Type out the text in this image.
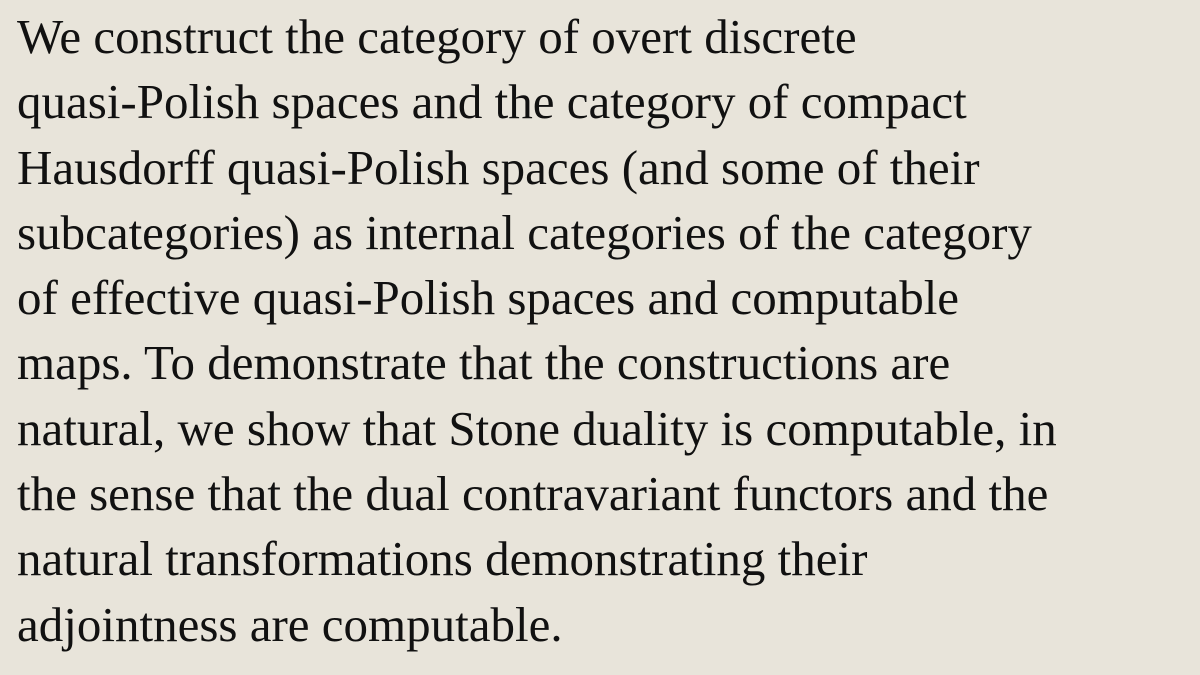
We construct the category of overt discrete
quasi-Polish spaces and the category of compact
Hausdorff quasi-Polish spaces (and some of their
subcategories) as internal categories of the category
of effective quasi-Polish spaces and computable
maps. To demonstrate that the constructions are
natural, we show that Stone duality is computable, in
the sense that the dual contravariant functors and the
natural transformations demonstrating their
adjointness are computable.
